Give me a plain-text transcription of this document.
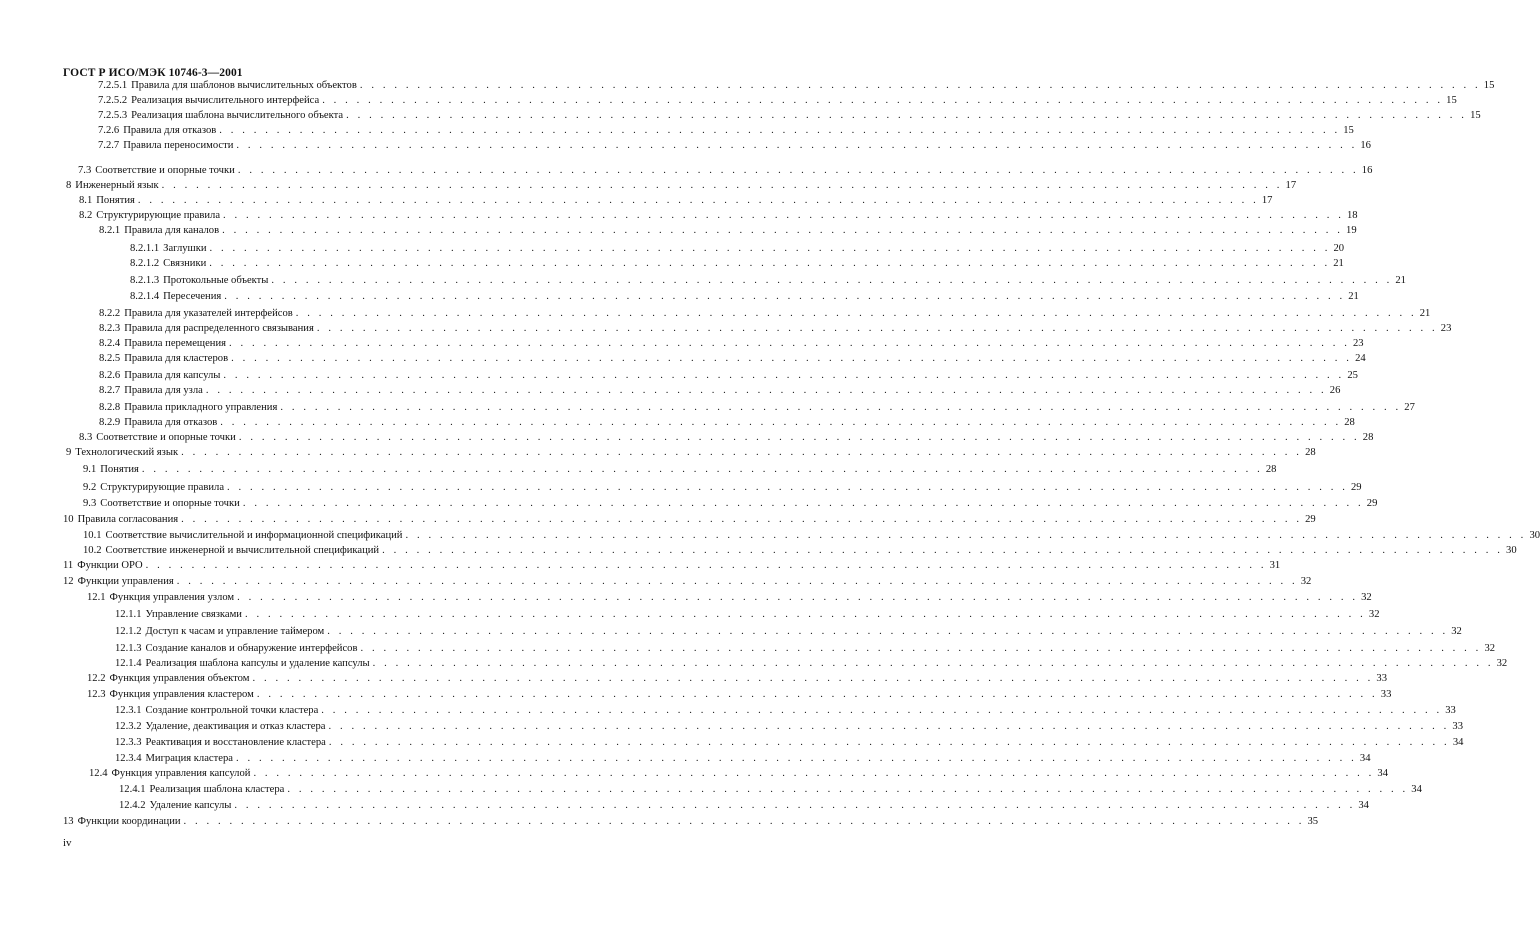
ГОСТ Р ИСО/МЭК 10746-3—2001
7.2.5.1 Правила для шаблонов вычислительных объектов . . . . . . . . . . . . . . . . . . . . . . . . . . . . . . . . . . . . . . . . . . . . . . . . . . . . . . . . . . . . . . . . . . . . . . . . . . . . . . . . . . . . . . . . . . . . . . . . . . 15
7.2.5.2 Реализация вычислительного интерфейса . . . . . . . . . . . . . . . . . . . . . . . . . . . . . . . . . . . . . . . . . . . . . . . . . . . . . . . . . . . . . . . . . . . . . . . . . . . . . . . . . . . . . . . . . . . . . . . . . . 15
7.2.5.3 Реализация шаблона вычислительного объекта . . . . . . . . . . . . . . . . . . . . . . . . . . . . . . . . . . . . . . . . . . . . . . . . . . . . . . . . . . . . . . . . . . . . . . . . . . . . . . . . . . . . . . . . . . . . . . . . . . 15
7.2.6 Правила для отказов . . . . . . . . . . . . . . . . . . . . . . . . . . . . . . . . . . . . . . . . . . . . . . . . . . . . . . . . . . . . . . . . . . . . . . . . . . . . . . . . . . . . . . . . . . . . . . . . . . 15
7.2.7 Правила переносимости . . . . . . . . . . . . . . . . . . . . . . . . . . . . . . . . . . . . . . . . . . . . . . . . . . . . . . . . . . . . . . . . . . . . . . . . . . . . . . . . . . . . . . . . . . . . . . . . . . 16
7.3 Соответствие и опорные точки . . . . . . . . . . . . . . . . . . . . . . . . . . . . . . . . . . . . . . . . . . . . . . . . . . . . . . . . . . . . . . . . . . . . . . . . . . . . . . . . . . . . . . . . . . . . . . . . . . 16
8 Инженерный язык . . . . . . . . . . . . . . . . . . . . . . . . . . . . . . . . . . . . . . . . . . . . . . . . . . . . . . . . . . . . . . . . . . . . . . . . . . . . . . . . . . . . . . . . . . . . . . . . . . 17
8.1 Понятия . . . . . . . . . . . . . . . . . . . . . . . . . . . . . . . . . . . . . . . . . . . . . . . . . . . . . . . . . . . . . . . . . . . . . . . . . . . . . . . . . . . . . . . . . . . . . . . . . . 17
8.2 Структурирующие правила . . . . . . . . . . . . . . . . . . . . . . . . . . . . . . . . . . . . . . . . . . . . . . . . . . . . . . . . . . . . . . . . . . . . . . . . . . . . . . . . . . . . . . . . . . . . . . . . . . 18
8.2.1 Правила для каналов . . . . . . . . . . . . . . . . . . . . . . . . . . . . . . . . . . . . . . . . . . . . . . . . . . . . . . . . . . . . . . . . . . . . . . . . . . . . . . . . . . . . . . . . . . . . . . . . . . 19
8.2.1.1 Заглушки . . . . . . . . . . . . . . . . . . . . . . . . . . . . . . . . . . . . . . . . . . . . . . . . . . . . . . . . . . . . . . . . . . . . . . . . . . . . . . . . . . . . . . . . . . . . . . . . . . 20
8.2.1.2 Связники . . . . . . . . . . . . . . . . . . . . . . . . . . . . . . . . . . . . . . . . . . . . . . . . . . . . . . . . . . . . . . . . . . . . . . . . . . . . . . . . . . . . . . . . . . . . . . . . . . 21
8.2.1.3 Протокольные объекты . . . . . . . . . . . . . . . . . . . . . . . . . . . . . . . . . . . . . . . . . . . . . . . . . . . . . . . . . . . . . . . . . . . . . . . . . . . . . . . . . . . . . . . . . . . . . . . . . . 21
8.2.1.4 Пересечения . . . . . . . . . . . . . . . . . . . . . . . . . . . . . . . . . . . . . . . . . . . . . . . . . . . . . . . . . . . . . . . . . . . . . . . . . . . . . . . . . . . . . . . . . . . . . . . . . . 21
8.2.2 Правила для указателей интерфейсов . . . . . . . . . . . . . . . . . . . . . . . . . . . . . . . . . . . . . . . . . . . . . . . . . . . . . . . . . . . . . . . . . . . . . . . . . . . . . . . . . . . . . . . . . . . . . . . . . . 21
8.2.3 Правила для распределенного связывания . . . . . . . . . . . . . . . . . . . . . . . . . . . . . . . . . . . . . . . . . . . . . . . . . . . . . . . . . . . . . . . . . . . . . . . . . . . . . . . . . . . . . . . . . . . . . . . . . . 23
8.2.4 Правила перемещения . . . . . . . . . . . . . . . . . . . . . . . . . . . . . . . . . . . . . . . . . . . . . . . . . . . . . . . . . . . . . . . . . . . . . . . . . . . . . . . . . . . . . . . . . . . . . . . . . . 23
8.2.5 Правила для кластеров . . . . . . . . . . . . . . . . . . . . . . . . . . . . . . . . . . . . . . . . . . . . . . . . . . . . . . . . . . . . . . . . . . . . . . . . . . . . . . . . . . . . . . . . . . . . . . . . . . 24
8.2.6 Правила для капсулы . . . . . . . . . . . . . . . . . . . . . . . . . . . . . . . . . . . . . . . . . . . . . . . . . . . . . . . . . . . . . . . . . . . . . . . . . . . . . . . . . . . . . . . . . . . . . . . . . . 25
8.2.7 Правила для узла . . . . . . . . . . . . . . . . . . . . . . . . . . . . . . . . . . . . . . . . . . . . . . . . . . . . . . . . . . . . . . . . . . . . . . . . . . . . . . . . . . . . . . . . . . . . . . . . . . 26
8.2.8 Правила прикладного управления . . . . . . . . . . . . . . . . . . . . . . . . . . . . . . . . . . . . . . . . . . . . . . . . . . . . . . . . . . . . . . . . . . . . . . . . . . . . . . . . . . . . . . . . . . . . . . . . . . 27
8.2.9 Правила для отказов . . . . . . . . . . . . . . . . . . . . . . . . . . . . . . . . . . . . . . . . . . . . . . . . . . . . . . . . . . . . . . . . . . . . . . . . . . . . . . . . . . . . . . . . . . . . . . . . . . 28
8.3 Соответствие и опорные точки . . . . . . . . . . . . . . . . . . . . . . . . . . . . . . . . . . . . . . . . . . . . . . . . . . . . . . . . . . . . . . . . . . . . . . . . . . . . . . . . . . . . . . . . . . . . . . . . . . 28
9 Технологический язык . . . . . . . . . . . . . . . . . . . . . . . . . . . . . . . . . . . . . . . . . . . . . . . . . . . . . . . . . . . . . . . . . . . . . . . . . . . . . . . . . . . . . . . . . . . . . . . . . . 28
9.1 Понятия . . . . . . . . . . . . . . . . . . . . . . . . . . . . . . . . . . . . . . . . . . . . . . . . . . . . . . . . . . . . . . . . . . . . . . . . . . . . . . . . . . . . . . . . . . . . . . . . . . 28
9.2 Структурирующие правила . . . . . . . . . . . . . . . . . . . . . . . . . . . . . . . . . . . . . . . . . . . . . . . . . . . . . . . . . . . . . . . . . . . . . . . . . . . . . . . . . . . . . . . . . . . . . . . . . . 29
9.3 Соответствие и опорные точки . . . . . . . . . . . . . . . . . . . . . . . . . . . . . . . . . . . . . . . . . . . . . . . . . . . . . . . . . . . . . . . . . . . . . . . . . . . . . . . . . . . . . . . . . . . . . . . . . . 29
10 Правила согласования . . . . . . . . . . . . . . . . . . . . . . . . . . . . . . . . . . . . . . . . . . . . . . . . . . . . . . . . . . . . . . . . . . . . . . . . . . . . . . . . . . . . . . . . . . . . . . . . . . 29
10.1 Соответствие вычислительной и информационной спецификаций . . . . . . . . . . . . . . . . . . . . . . . . . . . . . . . . . . . . . . . . . . . . . . . . . . . . . . . . . . . . . . . . . . . . . . . . . . . . . . . . . . . . . . . . . . . . . . . . . . 30
10.2 Соответствие инженерной и вычислительной спецификаций . . . . . . . . . . . . . . . . . . . . . . . . . . . . . . . . . . . . . . . . . . . . . . . . . . . . . . . . . . . . . . . . . . . . . . . . . . . . . . . . . . . . . . . . . . . . . . . . . . 30
11 Функции ОРО . . . . . . . . . . . . . . . . . . . . . . . . . . . . . . . . . . . . . . . . . . . . . . . . . . . . . . . . . . . . . . . . . . . . . . . . . . . . . . . . . . . . . . . . . . . . . . . . . . 31
12 Функции управления . . . . . . . . . . . . . . . . . . . . . . . . . . . . . . . . . . . . . . . . . . . . . . . . . . . . . . . . . . . . . . . . . . . . . . . . . . . . . . . . . . . . . . . . . . . . . . . . . . 32
12.1 Функция управления узлом . . . . . . . . . . . . . . . . . . . . . . . . . . . . . . . . . . . . . . . . . . . . . . . . . . . . . . . . . . . . . . . . . . . . . . . . . . . . . . . . . . . . . . . . . . . . . . . . . . 32
12.1.1 Управление связками . . . . . . . . . . . . . . . . . . . . . . . . . . . . . . . . . . . . . . . . . . . . . . . . . . . . . . . . . . . . . . . . . . . . . . . . . . . . . . . . . . . . . . . . . . . . . . . . . . 32
12.1.2 Доступ к часам и управление таймером . . . . . . . . . . . . . . . . . . . . . . . . . . . . . . . . . . . . . . . . . . . . . . . . . . . . . . . . . . . . . . . . . . . . . . . . . . . . . . . . . . . . . . . . . . . . . . . . . . 32
12.1.3 Создание каналов и обнаружение интерфейсов . . . . . . . . . . . . . . . . . . . . . . . . . . . . . . . . . . . . . . . . . . . . . . . . . . . . . . . . . . . . . . . . . . . . . . . . . . . . . . . . . . . . . . . . . . . . . . . . . . 32
12.1.4 Реализация шаблона капсулы и удаление капсулы . . . . . . . . . . . . . . . . . . . . . . . . . . . . . . . . . . . . . . . . . . . . . . . . . . . . . . . . . . . . . . . . . . . . . . . . . . . . . . . . . . . . . . . . . . . . . . . . . . 32
12.2 Функция управления объектом . . . . . . . . . . . . . . . . . . . . . . . . . . . . . . . . . . . . . . . . . . . . . . . . . . . . . . . . . . . . . . . . . . . . . . . . . . . . . . . . . . . . . . . . . . . . . . . . . . 33
12.3 Функция управления кластером . . . . . . . . . . . . . . . . . . . . . . . . . . . . . . . . . . . . . . . . . . . . . . . . . . . . . . . . . . . . . . . . . . . . . . . . . . . . . . . . . . . . . . . . . . . . . . . . . . 33
12.3.1 Создание контрольной точки кластера . . . . . . . . . . . . . . . . . . . . . . . . . . . . . . . . . . . . . . . . . . . . . . . . . . . . . . . . . . . . . . . . . . . . . . . . . . . . . . . . . . . . . . . . . . . . . . . . . . 33
12.3.2 Удаление, деактивация и отказ кластера . . . . . . . . . . . . . . . . . . . . . . . . . . . . . . . . . . . . . . . . . . . . . . . . . . . . . . . . . . . . . . . . . . . . . . . . . . . . . . . . . . . . . . . . . . . . . . . . . . 33
12.3.3 Реактивация и восстановление кластера . . . . . . . . . . . . . . . . . . . . . . . . . . . . . . . . . . . . . . . . . . . . . . . . . . . . . . . . . . . . . . . . . . . . . . . . . . . . . . . . . . . . . . . . . . . . . . . . . . 34
12.3.4 Миграция кластера . . . . . . . . . . . . . . . . . . . . . . . . . . . . . . . . . . . . . . . . . . . . . . . . . . . . . . . . . . . . . . . . . . . . . . . . . . . . . . . . . . . . . . . . . . . . . . . . . . 34
12.4 Функция управления капсулой . . . . . . . . . . . . . . . . . . . . . . . . . . . . . . . . . . . . . . . . . . . . . . . . . . . . . . . . . . . . . . . . . . . . . . . . . . . . . . . . . . . . . . . . . . . . . . . . . . 34
12.4.1 Реализация шаблона кластера . . . . . . . . . . . . . . . . . . . . . . . . . . . . . . . . . . . . . . . . . . . . . . . . . . . . . . . . . . . . . . . . . . . . . . . . . . . . . . . . . . . . . . . . . . . . . . . . . . 34
12.4.2 Удаление капсулы . . . . . . . . . . . . . . . . . . . . . . . . . . . . . . . . . . . . . . . . . . . . . . . . . . . . . . . . . . . . . . . . . . . . . . . . . . . . . . . . . . . . . . . . . . . . . . . . . . 34
13 Функции координации . . . . . . . . . . . . . . . . . . . . . . . . . . . . . . . . . . . . . . . . . . . . . . . . . . . . . . . . . . . . . . . . . . . . . . . . . . . . . . . . . . . . . . . . . . . . . . . . . . 35
iv
